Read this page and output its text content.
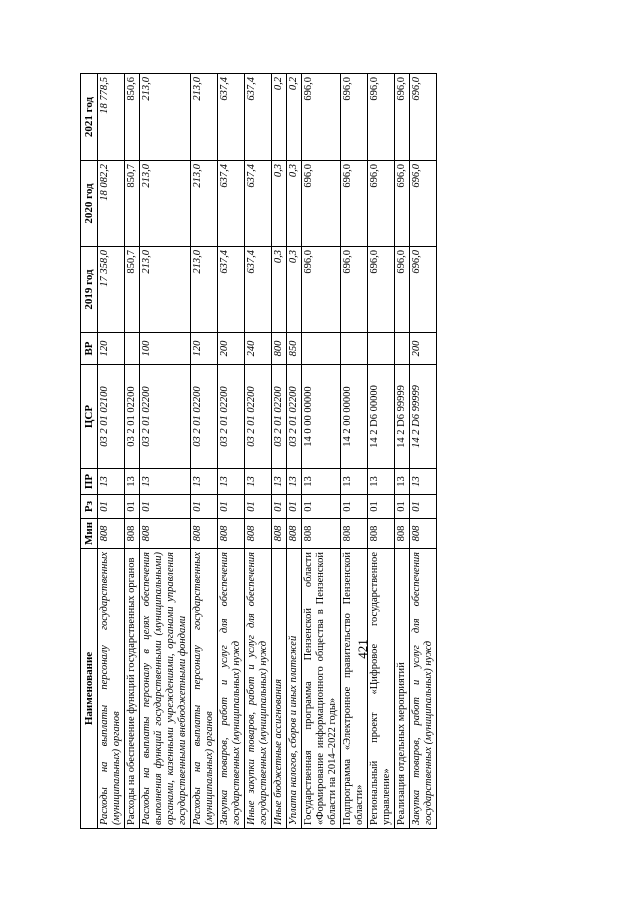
421
Наименование	Мин	Рз	ПР	ЦСР	ВР	2019 год	2020 год	2021 год
Расходы на выплаты персоналу государственных (муниципальных) органов	808	01	13	03 2 01 02100	120	17 358,0	18 082,2	18 778,5
Расходы на обеспечение функций государственных органов	808	01	13	03 2 01 02200		850,7	850,7	850,6
Расходы на выплаты персоналу в целях обеспечения выполнения функций государственными (муниципальными) органами, казенными учреждениями, органами управления государственными внебюджетными фондами	808	01	13	03 2 01 02200	100	213,0	213,0	213,0
Расходы на выплаты персоналу государственных (муниципальных) органов	808	01	13	03 2 01 02200	120	213,0	213,0	213,0
Закупка товаров, работ и услуг для обеспечения государственных (муниципальных) нужд	808	01	13	03 2 01 02200	200	637,4	637,4	637,4
Иные закупки товаров, работ и услуг для обеспечения государственных (муниципальных) нужд	808	01	13	03 2 01 02200	240	637,4	637,4	637,4
Иные бюджетные ассигнования	808	01	13	03 2 01 02200	800	0,3	0,3	0,2
Уплата налогов, сборов и иных платежей	808	01	13	03 2 01 02200	850	0,3	0,3	0,2
Государственная программа Пензенской области «Формирование информационного общества в Пензенской области на 2014–2022 годы»	808	01	13	14 0 00 00000		696,0	696,0	696,0
Подпрограмма «Электронное правительство Пензенской области»	808	01	13	14 2 00 00000		696,0	696,0	696,0
Региональный проект «Цифровое государственное управление»	808	01	13	14 2 D6 00000		696,0	696,0	696,0
Реализация отдельных мероприятий	808	01	13	14 2 D6 99999		696,0	696,0	696,0
Закупка товаров, работ и услуг для обеспечения государственных (муниципальных) нужд	808	01	13	14 2 D6 99999	200	696,0	696,0	696,0
